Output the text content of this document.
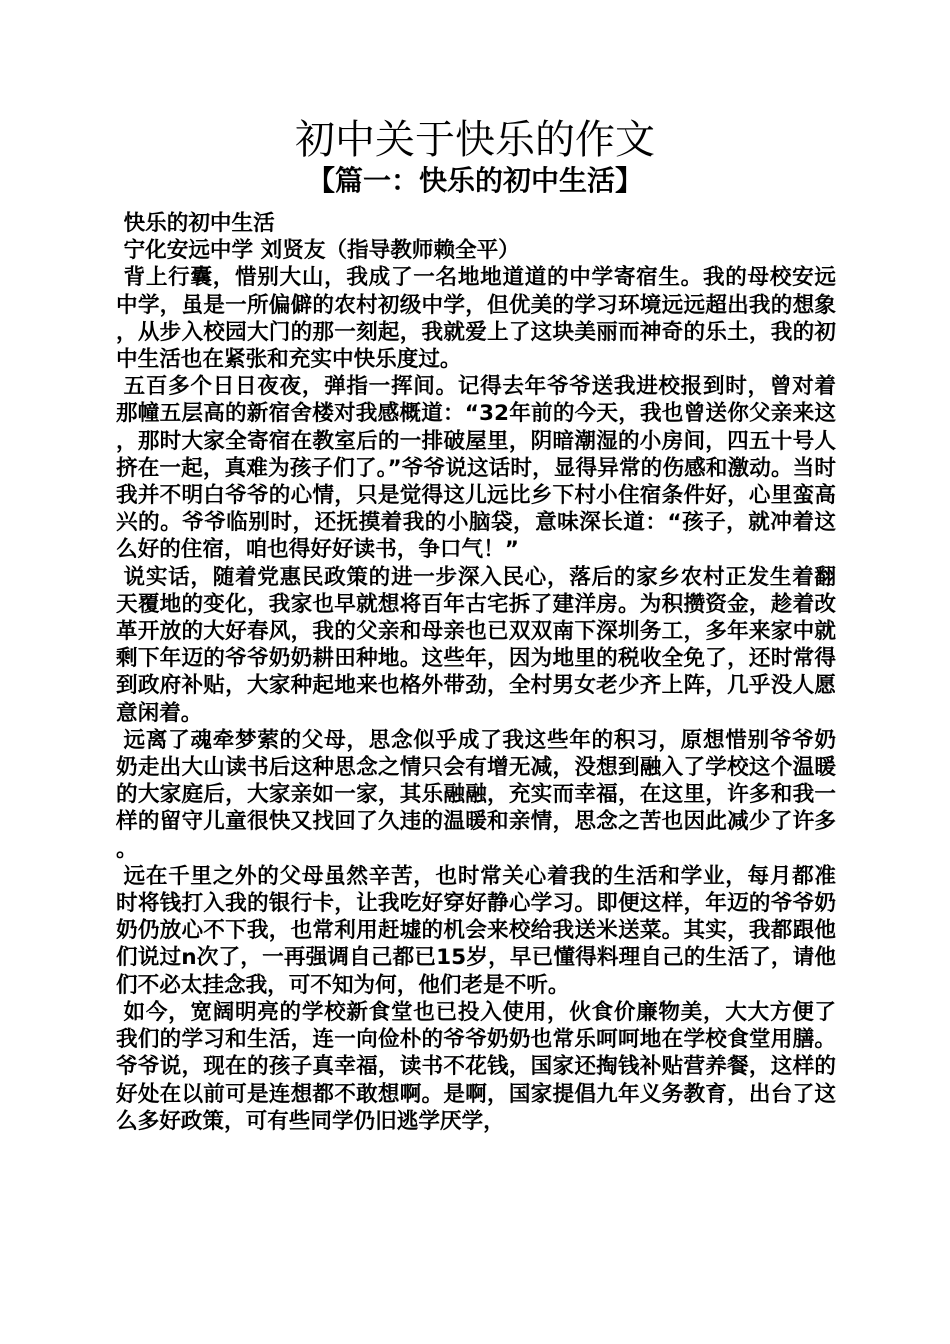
初中关于快乐的作文
【篇一：快乐的初中生活】

快乐的初中生活

宁化安远中学 刘贤友（指导教师赖全平）

背上行囊，惜别大山，我成了一名地地道道的中学寄宿生。我的母校安远中学，虽是一所偏僻的农村初级中学，但优美的学习环境远远超出我的想象，从步入校园大门的那一刻起，我就爱上了这块美丽而神奇的乐土，我的初中生活也在紧张和充实中快乐度过。

五百多个日日夜夜，弹指一挥间。记得去年爷爷送我进校报到时，曾对着那幢五层高的新宿舍楼对我感概道：“32年前的今天，我也曾送你父亲来这，那时大家全寄宿在教室后的一排破屋里，阴暗潮湿的小房间，四五十号人挤在一起，真难为孩子们了。”爷爷说这话时，显得异常的伤感和激动。当时我并不明白爷爷的心情，只是觉得这儿远比乡下村小住宿条件好，心里蛮高兴的。爷爷临别时，还抚摸着我的小脑袋，意味深长道：“孩子，就冲着这么好的住宿，咱也得好好读书，争口气！”

说实话，随着党惠民政策的进一步深入民心，落后的家乡农村正发生着翻天覆地的变化，我家也早就想将百年古宅拆了建洋房。为积攒资金，趁着改革开放的大好春风，我的父亲和母亲也已双双南下深圳务工，多年来家中就剩下年迈的爷爷奶奶耕田种地。这些年，因为地里的税收全免了，还时常得到政府补贴，大家种起地来也格外带劲，全村男女老少齐上阵，几乎没人愿意闲着。

远离了魂牵梦萦的父母，思念似乎成了我这些年的积习，原想惜别爷爷奶奶走出大山读书后这种思念之情只会有增无减，没想到融入了学校这个温暖的大家庭后，大家亲如一家，其乐融融，充实而幸福，在这里，许多和我一样的留守儿童很快又找回了久违的温暖和亲情，思念之苦也因此减少了许多。

远在千里之外的父母虽然辛苦，也时常关心着我的生活和学业，每月都准时将钱打入我的银行卡，让我吃好穿好静心学习。即便这样，年迈的爷爷奶奶仍放心不下我，也常利用赶墟的机会来校给我送米送菜。其实，我都跟他们说过n次了，一再强调自己都已15岁，早已懂得料理自己的生活了，请他们不必太挂念我，可不知为何，他们老是不听。

如今，宽阔明亮的学校新食堂也已投入使用，伙食价廉物美，大大方便了我们的学习和生活，连一向俭朴的爷爷奶奶也常乐呵呵地在学校食堂用膳。爷爷说，现在的孩子真幸福，读书不花钱，国家还掏钱补贴营养餐，这样的好处在以前可是连想都不敢想啊。是啊，国家提倡九年义务教育，出台了这么多好政策，可有些同学仍旧逃学厌学，
